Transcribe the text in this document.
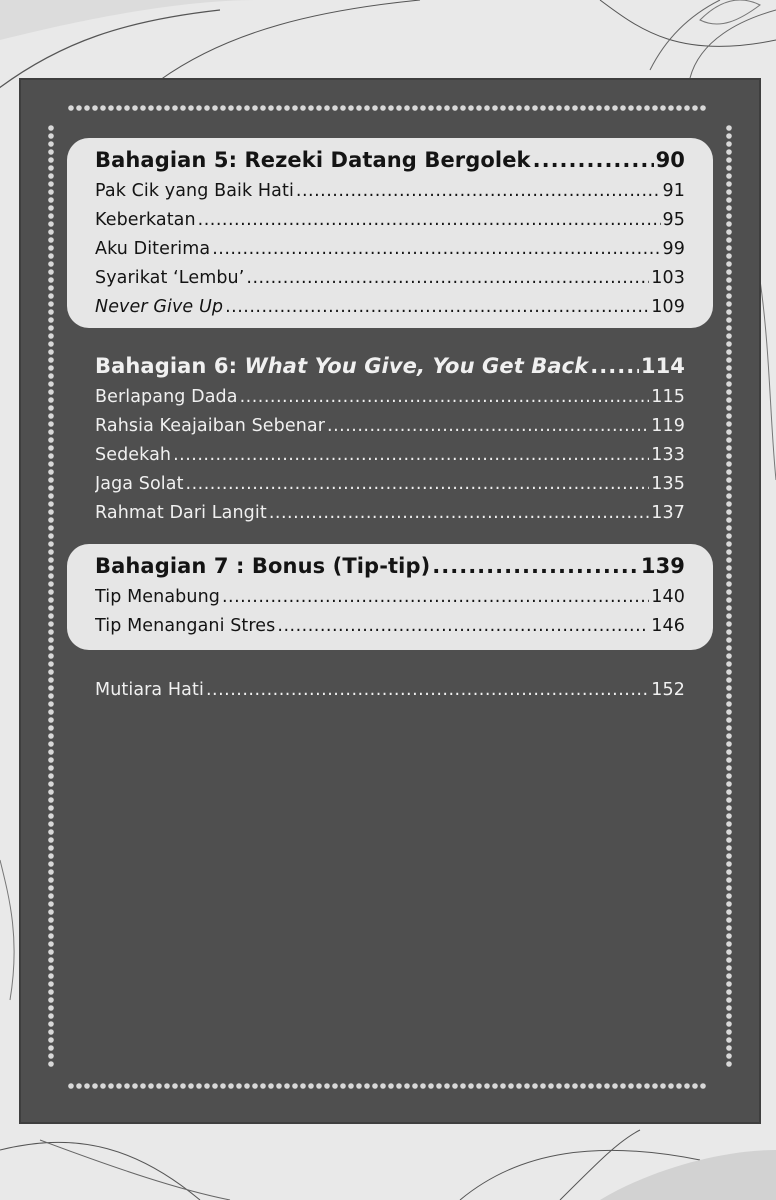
Bahagian 5: Rezeki Datang Bergolek .....	90
Pak Cik yang Baik Hati .....	91
Keberkatan .....	95
Aku Diterima .....	99
Syarikat ‘Lembu’ .....	103
Never Give Up .....	109
Bahagian 6: What You Give, You Get Back .....	114
Berlapang Dada .....	115
Rahsia Keajaiban Sebenar .....	119
Sedekah .....	133
Jaga Solat .....	135
Rahmat Dari Langit .....	137
Bahagian 7 : Bonus (Tip-tip) .....	139
Tip Menabung .....	140
Tip Menangani Stres .....	146
Mutiara Hati .....	152
